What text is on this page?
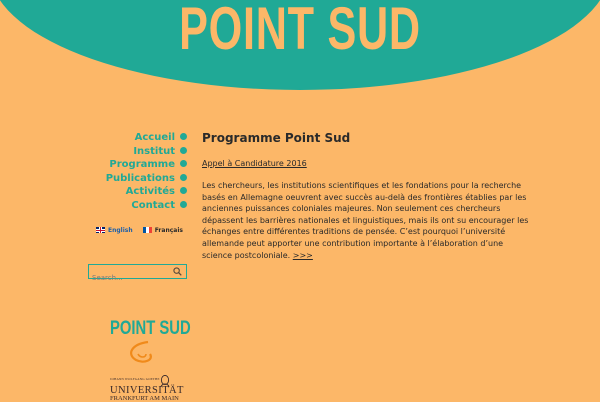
POINT SUD
Accueil
Institut
Programme
Publications
Activités
Contact
English	Français
Search...
POINT SUD
JOHANN WOLFGANG GOETHE
UNIVERSITÄT
FRANKFURT AM MAIN
Programme Point Sud
Appel à Candidature 2016

Les chercheurs, les institutions scientifiques et les fondations pour la recherche basés en Allemagne oeuvrent avec succès au-delà des frontières établies par les anciennes puissances coloniales majeures. Non seulement ces chercheurs dépassent les barrières nationales et linguistiques, mais ils ont su encourager les échanges entre différentes traditions de pensée. C’est pourquoi l’université allemande peut apporter une contribution importante à l’élaboration d’une science postcoloniale. >>>
